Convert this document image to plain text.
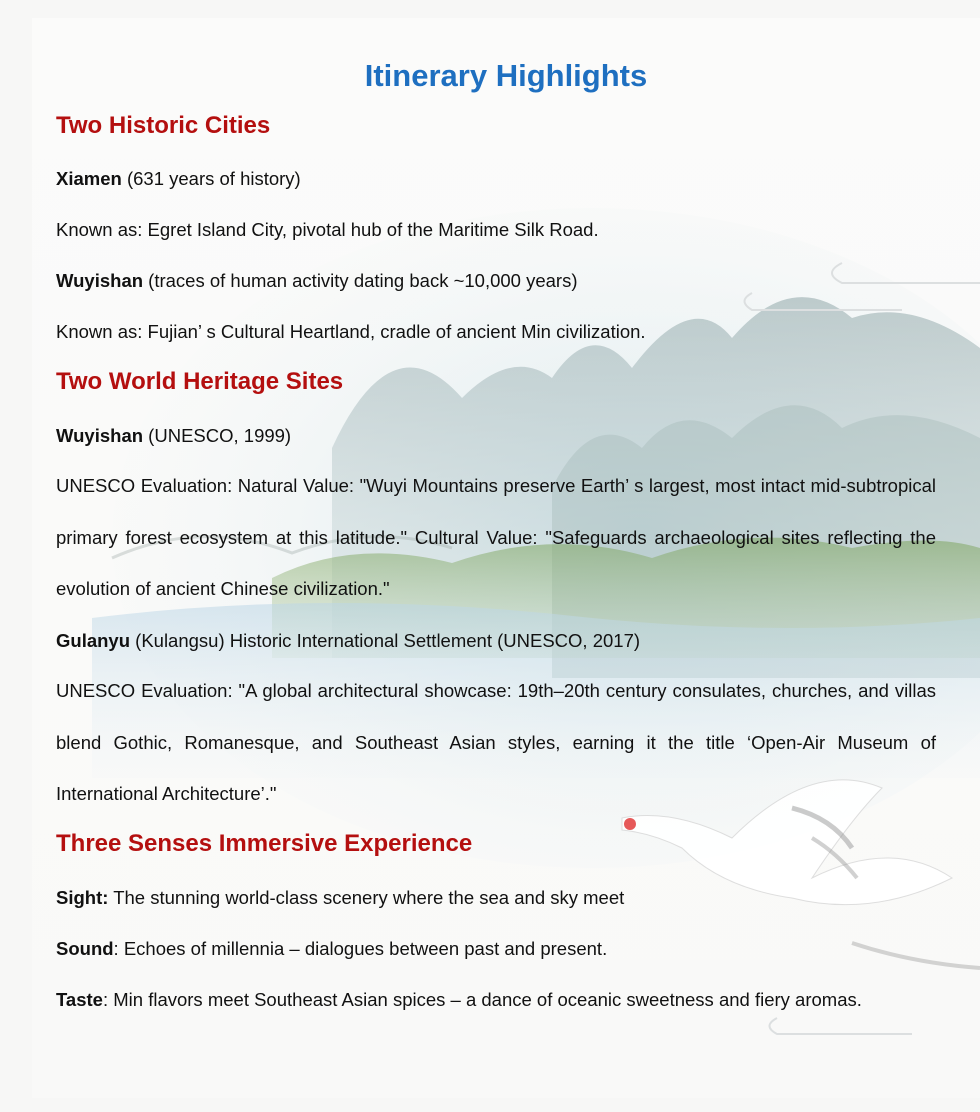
Itinerary Highlights
Two Historic Cities
Xiamen (631 years of history)
Known as: Egret Island City, pivotal hub of the Maritime Silk Road.
Wuyishan (traces of human activity dating back ~10,000 years)
Known as: Fujian’ s Cultural Heartland, cradle of ancient Min civilization.
Two World Heritage Sites
Wuyishan (UNESCO, 1999)
UNESCO Evaluation: Natural Value: "Wuyi Mountains preserve Earth’ s largest, most intact mid-subtropical primary forest ecosystem at this latitude." Cultural Value: "Safeguards archaeological sites reflecting the evolution of ancient Chinese civilization."
Gulanyu (Kulangsu) Historic International Settlement (UNESCO, 2017)
UNESCO Evaluation: "A global architectural showcase: 19th–20th century consulates, churches, and villas blend Gothic, Romanesque, and Southeast Asian styles, earning it the title ‘Open-Air Museum of International Architecture’."
Three Senses Immersive Experience
Sight: The stunning world-class scenery where the sea and sky meet
Sound: Echoes of millennia – dialogues between past and present.
Taste: Min flavors meet Southeast Asian spices – a dance of oceanic sweetness and fiery aromas.
